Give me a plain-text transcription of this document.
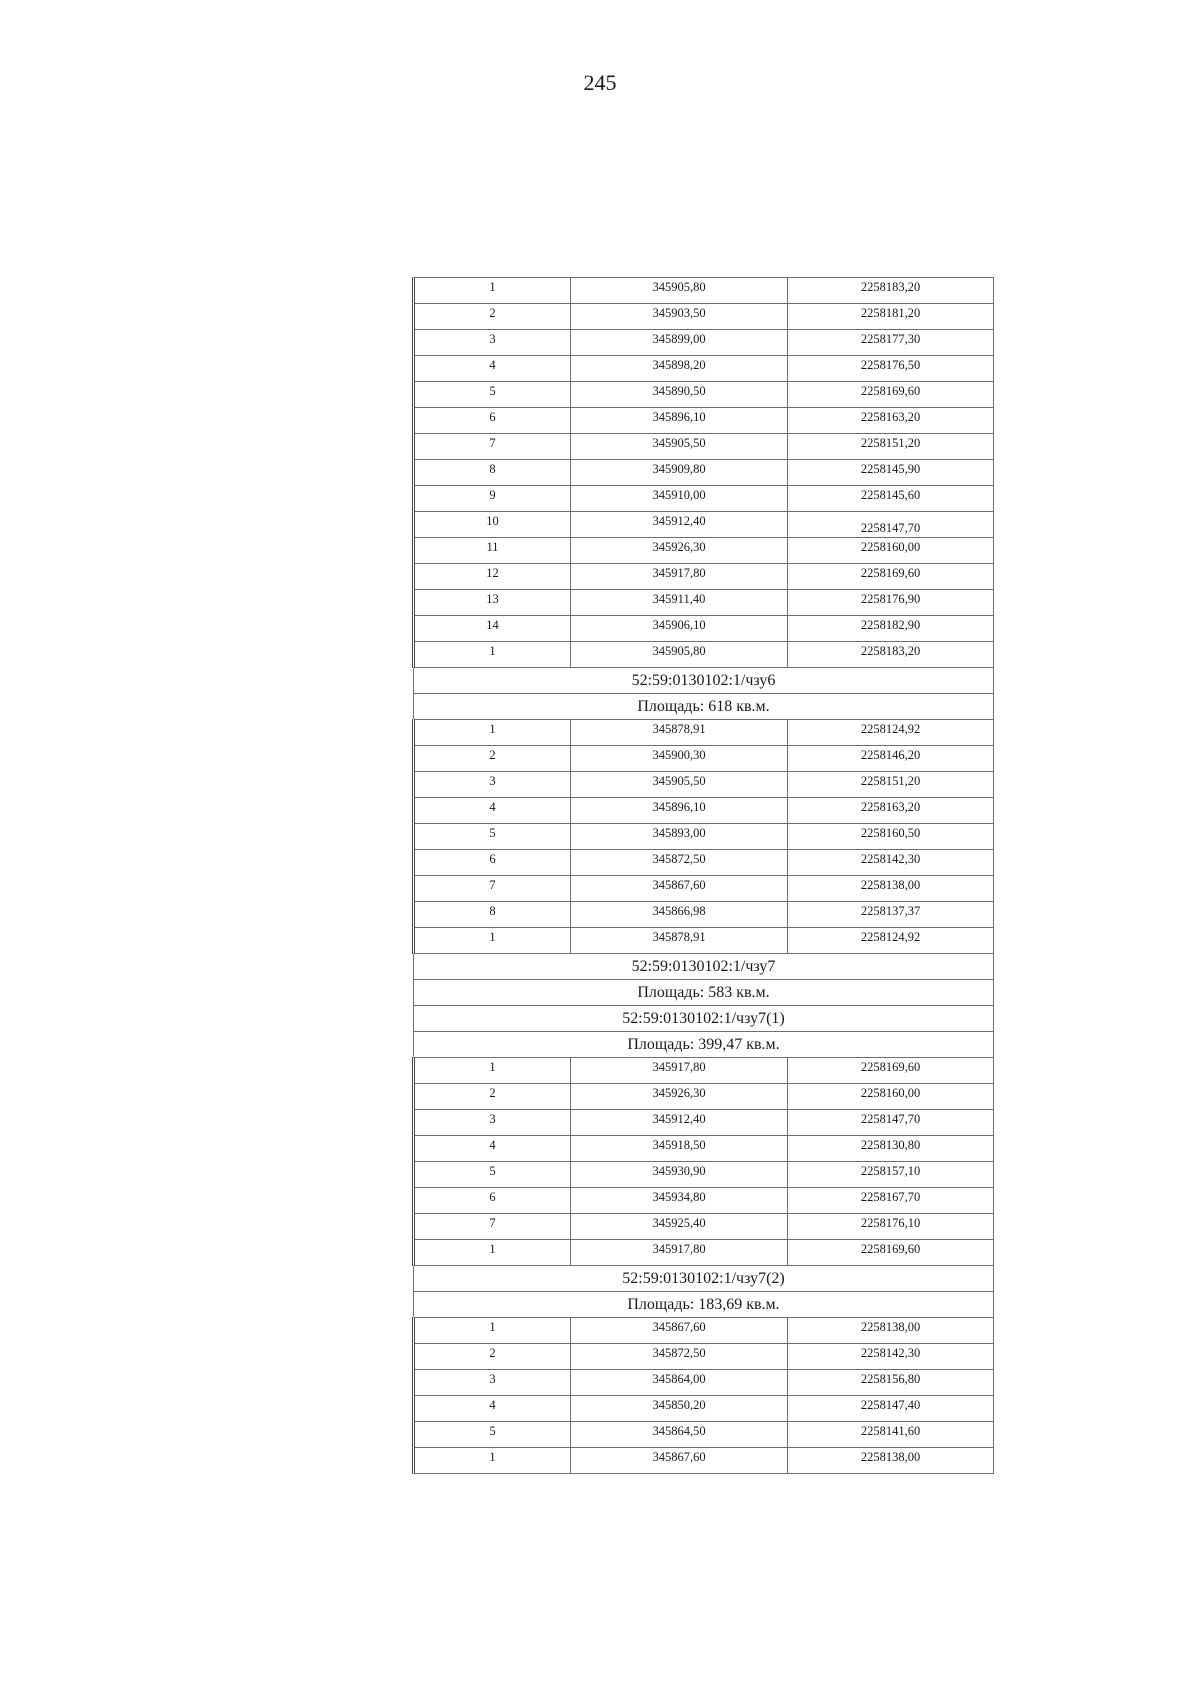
245
1	345905,80	2258183,20
2	345903,50	2258181,20
3	345899,00	2258177,30
4	345898,20	2258176,50
5	345890,50	2258169,60
6	345896,10	2258163,20
7	345905,50	2258151,20
8	345909,80	2258145,90
9	345910,00	2258145,60
10	345912,40	2258147,70
11	345926,30	2258160,00
12	345917,80	2258169,60
13	345911,40	2258176,90
14	345906,10	2258182,90
1	345905,80	2258183,20
52:59:0130102:1/чзу6		
Площадь: 618 кв.м.		
1	345878,91	2258124,92
2	345900,30	2258146,20
3	345905,50	2258151,20
4	345896,10	2258163,20
5	345893,00	2258160,50
6	345872,50	2258142,30
7	345867,60	2258138,00
8	345866,98	2258137,37
1	345878,91	2258124,92
52:59:0130102:1/чзу7		
Площадь: 583 кв.м.		
52:59:0130102:1/чзу7(1)		
Площадь: 399,47 кв.м.		
1	345917,80	2258169,60
2	345926,30	2258160,00
3	345912,40	2258147,70
4	345918,50	2258130,80
5	345930,90	2258157,10
6	345934,80	2258167,70
7	345925,40	2258176,10
1	345917,80	2258169,60
52:59:0130102:1/чзу7(2)		
Площадь: 183,69 кв.м.		
1	345867,60	2258138,00
2	345872,50	2258142,30
3	345864,00	2258156,80
4	345850,20	2258147,40
5	345864,50	2258141,60
1	345867,60	2258138,00
